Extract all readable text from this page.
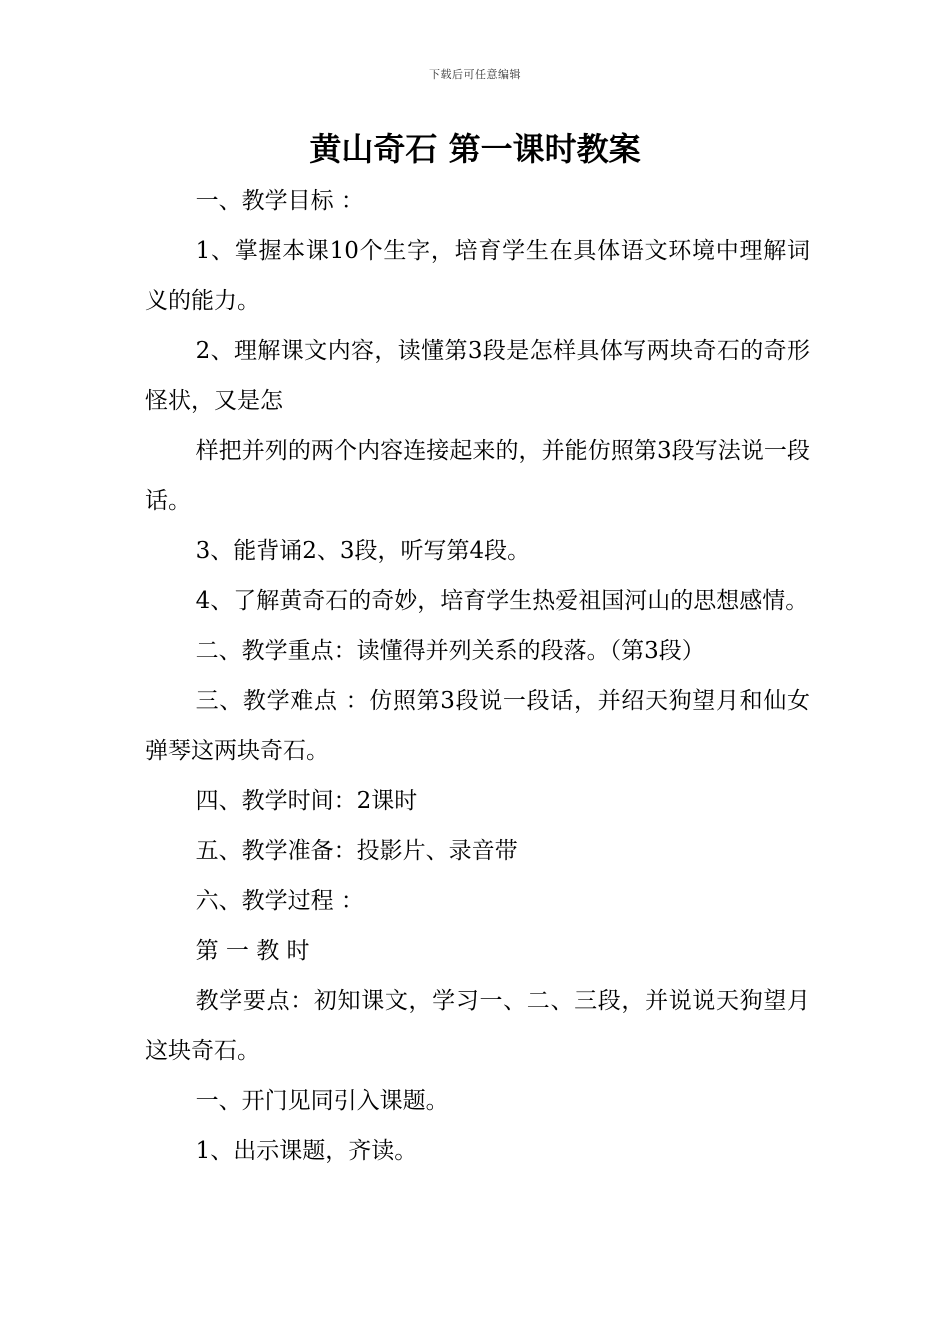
下载后可任意编辑
黄山奇石 第一课时教案

一、教学目标 ：

1、掌握本课10个生字，培育学生在具体语文环境中理解词义的能力。

2、理解课文内容，读懂第3段是怎样具体写两块奇石的奇形怪状，又是怎

样把并列的两个内容连接起来的，并能仿照第3段写法说一段话。

3、能背诵2、3段，听写第4段。

4、了解黄奇石的奇妙，培育学生热爱祖国河山的思想感情。

二、教学重点：读懂得并列关系的段落。（第3段）

三、教学难点 ：仿照第3段说一段话，并绍天狗望月和仙女弹琴这两块奇石。

四、教学时间：2课时

五、教学准备：投影片、录音带

六、教学过程 ：

第 一 教 时

教学要点：初知课文，学习一、二、三段，并说说天狗望月这块奇石。

一、开门见同引入课题。

1、出示课题，齐读。
